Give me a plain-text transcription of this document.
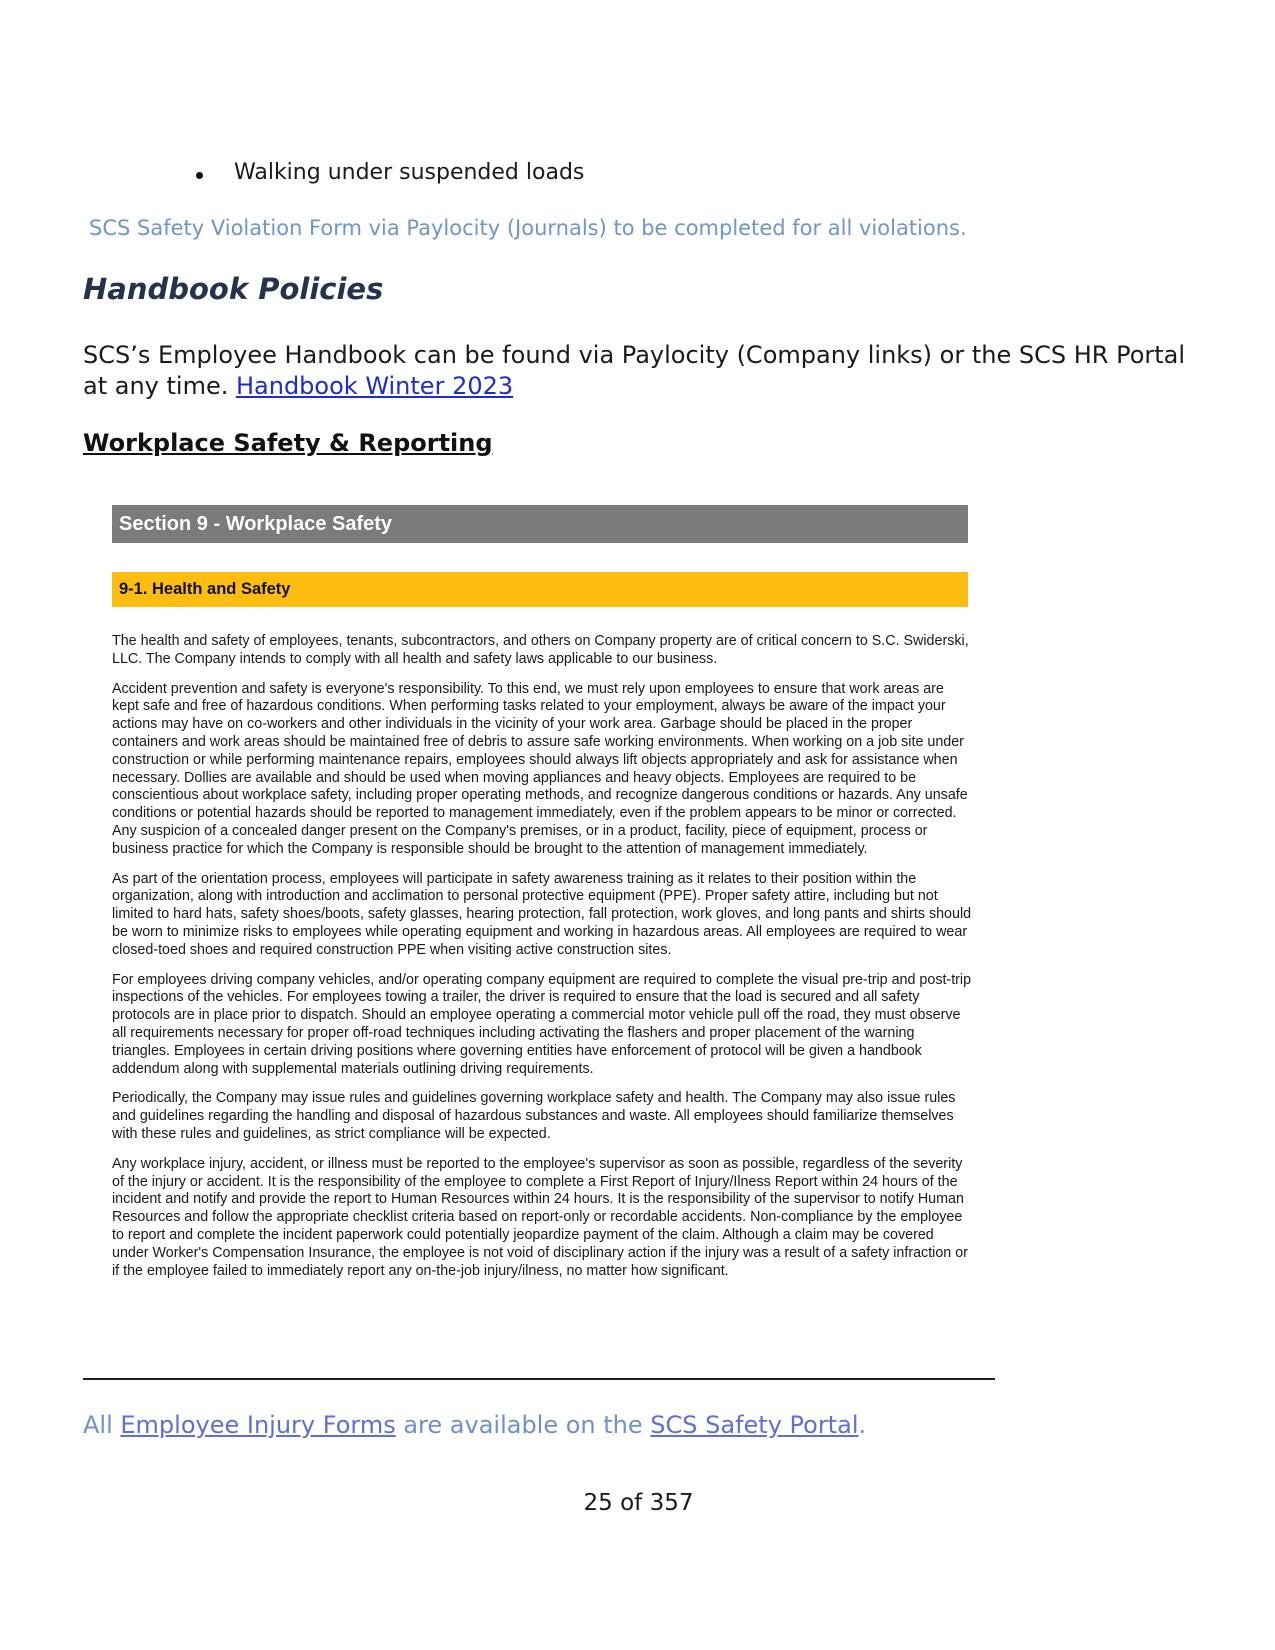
Walking under suspended loads
SCS Safety Violation Form via Paylocity (Journals) to be completed for all violations.
Handbook Policies
SCS’s Employee Handbook can be found via Paylocity (Company links) or the SCS HR Portal at any time. Handbook Winter 2023
Workplace Safety & Reporting
Section 9 - Workplace Safety
9-1. Health and Safety

The health and safety of employees, tenants, subcontractors, and others on Company property are of critical concern to S.C. Swiderski, LLC. The Company intends to comply with all health and safety laws applicable to our business.

Accident prevention and safety is everyone's responsibility. To this end, we must rely upon employees to ensure that work areas are kept safe and free of hazardous conditions. When performing tasks related to your employment, always be aware of the impact your actions may have on co-workers and other individuals in the vicinity of your work area. Garbage should be placed in the proper containers and work areas should be maintained free of debris to assure safe working environments. When working on a job site under construction or while performing maintenance repairs, employees should always lift objects appropriately and ask for assistance when necessary. Dollies are available and should be used when moving appliances and heavy objects. Employees are required to be conscientious about workplace safety, including proper operating methods, and recognize dangerous conditions or hazards. Any unsafe conditions or potential hazards should be reported to management immediately, even if the problem appears to be minor or corrected. Any suspicion of a concealed danger present on the Company's premises, or in a product, facility, piece of equipment, process or business practice for which the Company is responsible should be brought to the attention of management immediately.

As part of the orientation process, employees will participate in safety awareness training as it relates to their position within the organization, along with introduction and acclimation to personal protective equipment (PPE). Proper safety attire, including but not limited to hard hats, safety shoes/boots, safety glasses, hearing protection, fall protection, work gloves, and long pants and shirts should be worn to minimize risks to employees while operating equipment and working in hazardous areas. All employees are required to wear closed-toed shoes and required construction PPE when visiting active construction sites.

For employees driving company vehicles, and/or operating company equipment are required to complete the visual pre-trip and post-trip inspections of the vehicles. For employees towing a trailer, the driver is required to ensure that the load is secured and all safety protocols are in place prior to dispatch. Should an employee operating a commercial motor vehicle pull off the road, they must observe all requirements necessary for proper off-road techniques including activating the flashers and proper placement of the warning triangles. Employees in certain driving positions where governing entities have enforcement of protocol will be given a handbook addendum along with supplemental materials outlining driving requirements.

Periodically, the Company may issue rules and guidelines governing workplace safety and health. The Company may also issue rules and guidelines regarding the handling and disposal of hazardous substances and waste. All employees should familiarize themselves with these rules and guidelines, as strict compliance will be expected.

Any workplace injury, accident, or illness must be reported to the employee's supervisor as soon as possible, regardless of the severity of the injury or accident. It is the responsibility of the employee to complete a First Report of Injury/Ilness Report within 24 hours of the incident and notify and provide the report to Human Resources within 24 hours. It is the responsibility of the supervisor to notify Human Resources and follow the appropriate checklist criteria based on report-only or recordable accidents. Non-compliance by the employee to report and complete the incident paperwork could potentially jeopardize payment of the claim. Although a claim may be covered under Worker's Compensation Insurance, the employee is not void of disciplinary action if the injury was a result of a safety infraction or if the employee failed to immediately report any on-the-job injury/ilness, no matter how significant.

All Employee Injury Forms are available on the SCS Safety Portal.
25 of 357
